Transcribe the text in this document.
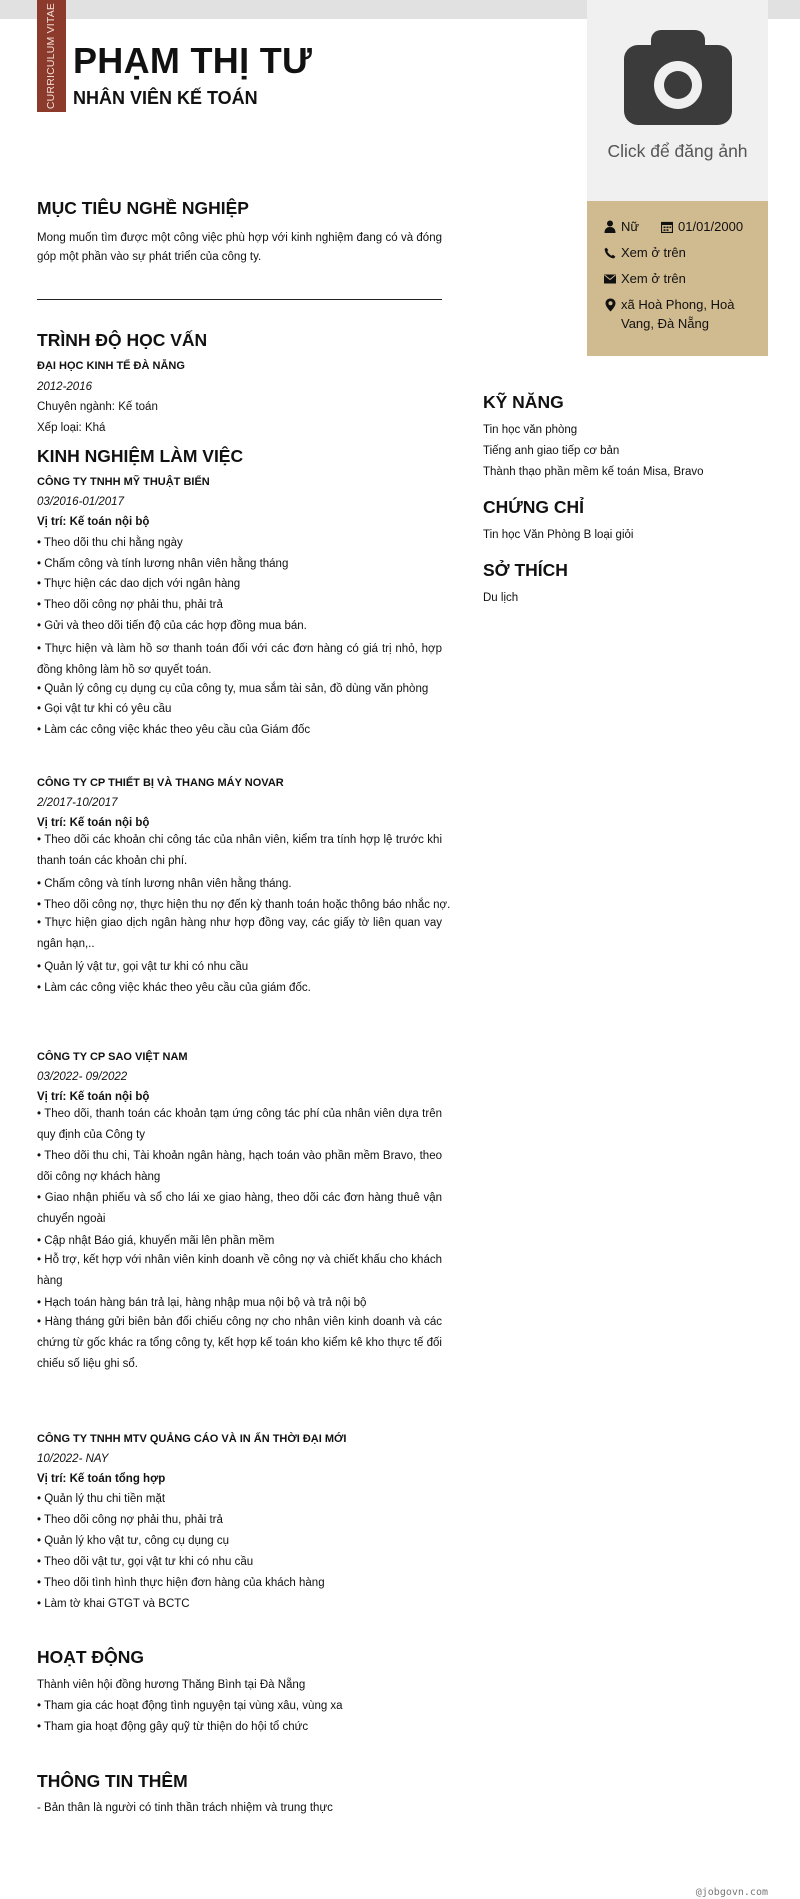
CURRICULUM VITAE PHẠM THỊ TƯ
NHÂN VIÊN KẾ TOÁN
Click để đăng ảnh
Nữ	01/01/2000
Xem ở trên
Xem ở trên
xã Hoà Phong, Hoà Vang, Đà Nẵng
MỤC TIÊU NGHỀ NGHIỆP

Mong muốn tìm được một công việc phù hợp với kinh nghiệm đang có và đóng góp một phần vào sự phát triển của công ty.

TRÌNH ĐỘ HỌC VẤN

ĐẠI HỌC KINH TẾ ĐÀ NẴNG

2012-2016

Chuyên ngành: Kế toán

Xếp loại: Khá

KINH NGHIỆM LÀM VIỆC

CÔNG TY TNHH MỸ THUẬT BIỂN

03/2016-01/2017

Vị trí: Kế toán nội bộ

• Theo dõi thu chi hằng ngày

• Chấm công và tính lương nhân viên hằng tháng

• Thực hiện các dao dịch với ngân hàng

• Theo dõi công nợ phải thu, phải trả

• Gửi và theo dõi tiến độ của các hợp đồng mua bán.

• Thực hiện và làm hồ sơ thanh toán đối với các đơn hàng có giá trị nhỏ, hợp đồng không làm hồ sơ quyết toán.

• Quản lý công cụ dụng cụ của công ty, mua sắm tài sản, đồ dùng văn phòng

• Gọi vật tư khi có yêu cầu

• Làm các công việc khác theo yêu cầu của Giám đốc

CÔNG TY CP THIẾT BỊ VÀ THANG MÁY NOVAR

2/2017-10/2017

Vị trí: Kế toán nội bộ

• Theo dõi các khoản chi công tác của nhân viên, kiểm tra tính hợp lệ trước khi thanh toán các khoản chi phí.

• Chấm công và tính lương nhân viên hằng tháng.

• Theo dõi công nợ, thực hiện thu nợ đến kỳ thanh toán hoặc thông báo nhắc nợ.

• Thực hiện giao dịch ngân hàng như hợp đồng vay, các giấy tờ liên quan vay ngân hạn,..

• Quản lý vật tư, gọi vật tư khi có nhu cầu

• Làm các công việc khác theo yêu cầu của giám đốc.

CÔNG TY CP SAO VIỆT NAM

03/2022- 09/2022

Vị trí: Kế toán nội bộ

• Theo dõi, thanh toán các khoản tạm ứng công tác phí của nhân viên dựa trên quy định của Công ty

• Theo dõi thu chi, Tài khoản ngân hàng, hạch toán vào phần mềm Bravo, theo dõi công nợ khách hàng

• Giao nhận phiếu và sổ cho lái xe giao hàng, theo dõi các đơn hàng thuê vận chuyển ngoài

• Cập nhật Báo giá, khuyến mãi lên phần mềm

• Hỗ trợ, kết hợp với nhân viên kinh doanh về công nợ và chiết khấu cho khách hàng

• Hạch toán hàng bán trả lại, hàng nhập mua nội bộ và trả nội bộ

• Hàng tháng gửi biên bản đối chiếu công nợ cho nhân viên kinh doanh và các chứng từ gốc khác ra tổng công ty, kết hợp kế toán kho kiểm kê kho thực tế đối chiếu số liệu ghi sổ.

CÔNG TY TNHH MTV QUẢNG CÁO VÀ IN ẤN THỜI ĐẠI MỚI

10/2022- NAY

Vị trí: Kế toán tổng hợp

• Quản lý thu chi tiền mặt

• Theo dõi công nợ phải thu, phải trả

• Quản lý kho vật tư, công cụ dụng cụ

• Theo dõi vật tư, gọi vật tư khi có nhu cầu

• Theo dõi tình hình thực hiện đơn hàng của khách hàng

• Làm tờ khai GTGT và BCTC

HOẠT ĐỘNG

Thành viên hội đồng hương Thăng Bình tại Đà Nẵng

• Tham gia các hoạt động tình nguyện tại vùng xâu, vùng xa

• Tham gia hoạt động gây quỹ từ thiện do hội tổ chức

THÔNG TIN THÊM

- Bản thân là người có tinh thần trách nhiệm và trung thực

KỸ NĂNG

Tin học văn phòng

Tiếng anh giao tiếp cơ bản

Thành thạo phần mềm kế toán Misa, Bravo

CHỨNG CHỈ

Tin học Văn Phòng B loại giỏi

SỞ THÍCH

Du lịch

@jobgovn.com
